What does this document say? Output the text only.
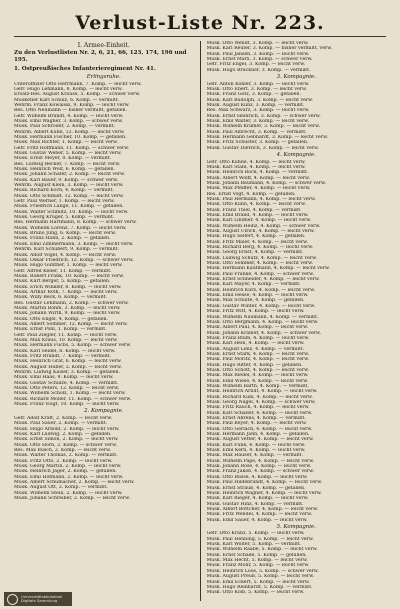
Verlust-Liste Nr. 223.
I. Armee-Einheit.
Zu den Verlustlisten Nr. 2, 6, 21, 66, 123, 174, 196 und 195.
1. Ostpreußisches Infanterieregiment Nr. 41.
Erlingsruhe.
Unteroffizier Otto Herrmann, 7. Komp. — leicht verw.
Gefr. Hugo Lehmann, 8. Komp. — leicht verw.
Ersatz-Res. August Krause, 5. Komp. — schwer verw.
Musketier Karl Schulz, 6. Komp. — vermißt.
Wehrm. Franz Kowalski, 9. Komp. — leicht verw.
Res. Otto Neumann — bisher vermißt, gefallen.
Gefr. Wilhelm Brandt, 4. Komp. — leicht verw.
Musk. Emil Wagner, 3. Komp. — schwer verw.
Musk. Paul Schröder, 2. Komp. — vermißt.
Wehrm. Albert Kühn, 12. Komp. — leicht verw.
Musk. Hermann Fischer, 10. Komp. — gefallen.
Musk. Max Richter, 1. Komp. — leicht verw.
Gefr. Fritz Hoffmann, 11. Komp. — schwer verw.
Musk. Gustav Weber, 5. Komp. — leicht verw.
Musk. Ernst Meyer, 8. Komp. — vermißt.
Res. Ludwig Becker, 7. Komp. — leicht verw.
Musk. Heinrich Wolf, 6. Komp. — gefallen.
Musk. Johann Schäfer, 2. Komp. — leicht verw.
Musk. Karl Bauer, 9. Komp. — schwer verw.
Wehrm. August Klein, 3. Komp. — leicht verw.
Musk. Richard Koch, 4. Komp. — vermißt.
Musk. Otto Schmidt, 12. Komp. — leicht verw.
Gefr. Paul Werner, 1. Komp. — leicht verw.
Musk. Friedrich Lange, 11. Komp. — gefallen.
Musk. Walter Schmitz, 10. Komp. — leicht verw.
Musk. Georg Krüger, 5. Komp. — vermißt.
Res. Hermann Hartmann, 8. Komp. — schwer verw.
Musk. Wilhelm Lorenz, 7. Komp. — leicht verw.
Musk. Bruno Jung, 6. Komp. — leicht verw.
Musk. Franz Hahn, 2. Komp. — gefallen.
Musk. Emil Zimmermann, 3. Komp. — leicht verw.
Wehrm. Karl Schubert, 9. Komp. — vermißt.
Musk. Adolf Vogel, 4. Komp. — leicht verw.
Musk. Oskar Friedrich, 12. Komp. — schwer verw.
Musk. Hugo Günther, 1. Komp. — leicht verw.
Gefr. Alfred Keller, 11. Komp. — vermißt.
Musk. Robert Frank, 10. Komp. — leicht verw.
Musk. Kurt Berger, 5. Komp. — gefallen.
Musk. Erich Winkler, 8. Komp. — leicht verw.
Musk. Arthur Roth, 7. Komp. — leicht verw.
Musk. Willy Beck, 6. Komp. — vermißt.
Res. Gustav Lehmann, 2. Komp. — schwer verw.
Musk. Martin Böhm, 3. Komp. — leicht verw.
Musk. Johann Wirth, 9. Komp. — leicht verw.
Musk. Otto Engel, 4. Komp. — gefallen.
Musk. Albert Sommer, 12. Komp. — leicht verw.
Musk. Ernst Pohl, 1. Komp. — vermißt.
Gefr. Paul Ziegler, 11. Komp. — leicht verw.
Musk. Max Kraus, 10. Komp. — leicht verw.
Musk. Hermann Fuchs, 5. Komp. — schwer verw.
Musk. Karl Seidel, 8. Komp. — leicht verw.
Musk. Fritz Brandt, 7. Komp. — vermißt.
Musk. Heinrich Graf, 6. Komp. — leicht verw.
Musk. August Huber, 2. Komp. — leicht verw.
Wehrm. Ludwig Kaiser, 3. Komp. — gefallen.
Musk. Emil Haas, 9. Komp. — leicht verw.
Musk. Gustav Schulze, 4. Komp. — vermißt.
Musk. Otto Peters, 12. Komp. — leicht verw.
Musk. Wilhelm Scholz, 1. Komp. — leicht verw.
Musk. Richard Möller, 11. Komp. — schwer verw.
Musk. Franz Voigt, 10. Komp. — leicht verw.
2. Kompagnie.
Gefr. Adolf Kraft, 2. Komp. — leicht verw.
Musk. Paul Sauer, 2. Komp. — vermißt.
Musk. Hugo Arnold, 2. Komp. — leicht verw.
Musk. Karl Ludwig, 2. Komp. — gefallen.
Musk. Ernst Simon, 2. Komp. — leicht verw.
Musk. Otto Horn, 2. Komp. — schwer verw.
Res. Max Busch, 2. Komp. — leicht verw.
Musk. Walter Thomas, 2. Komp. — vermißt.
Musk. Fritz Otto, 2. Komp. — leicht verw.
Musk. Georg Martin, 2. Komp. — leicht verw.
Musk. Heinrich Jäger, 2. Komp. — gefallen.
Musk. Emil Hofmann, 2. Komp. — leicht verw.
Musk. Albert Schumacher, 2. Komp. — leicht verw.
Musk. August Ott, 2. Komp. — vermißt.
Musk. Wilhelm Stein, 2. Komp. — leicht verw.
Musk. Johann Schreiber, 2. Komp. — leicht verw.
Musk. Otto Wendt, 3. Komp. — leicht verw.
Musk. Karl Reuter, 3. Komp. — bisher vermißt, verw.
Musk. Paul Jansen, 3. Komp. — leicht verw.
Musk. Ernst Marx, 3. Komp. — schwer verw.
Gefr. Fritz Engel, 3. Komp. — leicht verw.
Musk. Hugo Brückner, 3. Komp. — vermißt.
3. Kompagnie.
Gefr. Anton Köhler, 3. Komp. — leicht verw.
Musk. Otto Ebert, 3. Komp. — leicht verw.
Musk. Franz Götz, 3. Komp. — gefallen.
Musk. Karl Rudolph, 3. Komp. — leicht verw.
Musk. August Kunz, 3. Komp. — vermißt.
Res. Max Schwarz, 3. Komp. — leicht verw.
Musk. Ernst Heinrich, 3. Komp. — schwer verw.
Musk. Emil Walter, 3. Komp. — leicht verw.
Musk. Wilhelm Krämer, 3. Komp. — leicht verw.
Musk. Paul Albrecht, 3. Komp. — vermißt.
Musk. Hermann Gebhardt, 3. Komp. — leicht verw.
Musk. Fritz Schuster, 3. Komp. — gefallen.
Musk. Gustav Dietrich, 3. Komp. — leicht verw.
4. Kompagnie.
Gefr. Otto Kühne, 4. Komp. — leicht verw.
Musk. Karl Stahl, 4. Komp. — leicht verw.
Musk. Heinrich Bock, 4. Komp. — vermißt.
Musk. Albert Wolff, 4. Komp. — leicht verw.
Musk. Johann Baumann, 4. Komp. — schwer verw.
Musk. Max Pfeiffer, 4. Komp. — leicht verw.
Res. Ernst Vogt, 4. Komp. — gefallen.
Musk. Paul Hermann, 4. Komp. — leicht verw.
Musk. Otto Kuhn, 4. Komp. — leicht verw.
Musk. Franz Thiel, 4. Komp. — vermißt.
Musk. Emil Brand, 4. Komp. — leicht verw.
Musk. Karl Lindner, 4. Komp. — leicht verw.
Musk. Wilhelm Heinz, 4. Komp. — schwer verw.
Musk. August Ulrich, 4. Komp. — leicht verw.
Musk. Hugo Seifert, 4. Komp. — gefallen.
Musk. Fritz Maier, 4. Komp. — leicht verw.
Musk. Richard Berg, 4. Komp. — leicht verw.
Musk. Georg Ernst, 4. Komp. — vermißt.
Musk. Ludwig Schütz, 4. Komp. — leicht verw.
Musk. Otto Sommer, 4. Komp. — leicht verw.
Musk. Hermann Kaufmann, 4. Komp. — leicht verw.
Musk. Paul Franke, 4. Komp. — schwer verw.
Musk. Ernst Schneider, 4. Komp. — leicht verw.
Musk. Karl Mayer, 4. Komp. — vermißt.
Musk. Heinrich Kurz, 4. Komp. — leicht verw.
Musk. Emil Hesse, 4. Komp. — leicht verw.
Musk. Max Schulte, 4. Komp. — gefallen.
Musk. Gustav Winter, 4. Komp. — leicht verw.
Musk. Fritz Witt, 4. Komp. — leicht verw.
Musk. Wilhelm Naumann, 4. Komp. — vermißt.
Musk. Otto Bergmann, 4. Komp. — leicht verw.
Musk. Albert Paul, 4. Komp. — leicht verw.
Musk. Johann Kramer, 4. Komp. — schwer verw.
Musk. Franz Blum, 4. Komp. — leicht verw.
Musk. Karl Hein, 4. Komp. — leicht verw.
Musk. August Lenz, 4. Komp. — vermißt.
Musk. Ernst Stark, 4. Komp. — leicht verw.
Musk. Paul Moritz, 4. Komp. — leicht verw.
Musk. Hugo Ritter, 4. Komp. — gefallen.
Musk. Otto Schott, 4. Komp. — leicht verw.
Musk. Max Riedel, 4. Komp. — leicht verw.
Musk. Emil Wiese, 4. Komp. — leicht verw.
Musk. Wilhelm Barth, 4. Komp. — vermißt.
Musk. Heinrich Arndt, 4. Komp. — leicht verw.
Musk. Richard Kühl, 4. Komp. — leicht verw.
Musk. Georg Nagel, 4. Komp. — schwer verw.
Musk. Fritz Rauch, 4. Komp. — leicht verw.
Musk. Karl Schaller, 4. Komp. — leicht verw.
Musk. Ernst Ahrens, 4. Komp. — vermißt.
Musk. Paul Beyer, 4. Komp. — leicht verw.
Musk. Otto Gerlach, 4. Komp. — leicht verw.
Musk. Hermann Jahn, 4. Komp. — gefallen.
Musk. August Vetter, 4. Komp. — leicht verw.
Musk. Karl Funk, 4. Komp. — leicht verw.
Musk. Emil Kern, 4. Komp. — leicht verw.
Musk. Max Hauser, 4. Komp. — vermißt.
Musk. Wilhelm Pape, 4. Komp. — leicht verw.
Musk. Johann Rose, 4. Komp. — leicht verw.
Musk. Franz Jakob, 4. Komp. — schwer verw.
Musk. Otto Busse, 4. Komp. — leicht verw.
Musk. Paul Hildebrandt, 4. Komp. — leicht verw.
Musk. Ernst Strauß, 4. Komp. — gefallen.
Musk. Heinrich Wagner, 4. Komp. — leicht verw.
Musk. Karl Rieger, 4. Komp. — leicht verw.
Musk. Gustav Hinz, 4. Komp. — vermißt.
Musk. Albert Böttcher, 4. Komp. — leicht verw.
Musk. Fritz Wendel, 4. Komp. — leicht verw.
Musk. Emil Sauer, 4. Komp. — leicht verw.
5. Kompagnie.
Gefr. Otto Kranz, 5. Komp. — leicht verw.
Musk. Paul Henning, 5. Komp. — leicht verw.
Musk. Karl Wolter, 5. Komp. — vermißt.
Musk. Wilhelm Raabe, 5. Komp. — leicht verw.
Musk. Ernst Schade, 5. Komp. — gefallen.
Musk. Max Hecht, 5. Komp. — leicht verw.
Musk. Franz Mohr, 5. Komp. — leicht verw.
Musk. Heinrich Loos, 5. Komp. — schwer verw.
Musk. August Preuß, 5. Komp. — leicht verw.
Musk. Emil Eckert, 5. Komp. — leicht verw.
Musk. Hugo Reinhardt, 5. Komp. — vermißt.
Musk. Otto Kolb, 5. Komp. — leicht verw.
Universitätsbibliothek
Digitale Sammlung
